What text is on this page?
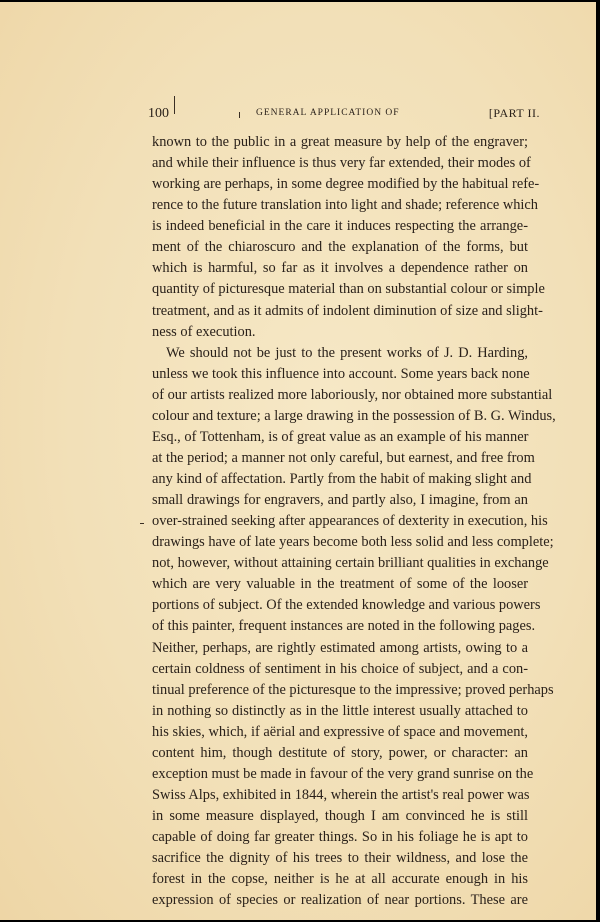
100	GENERAL APPLICATION OF	[PART II.
known to the public in a great measure by help of the engraver;
and while their influence is thus very far extended, their modes of
working are perhaps, in some degree modified by the habitual refe-
rence to the future translation into light and shade; reference which
is indeed beneficial in the care it induces respecting the arrange-
ment of the chiaroscuro and the explanation of the forms, but
which is harmful, so far as it involves a dependence rather on
quantity of picturesque material than on substantial colour or simple
treatment, and as it admits of indolent diminution of size and slight-
ness of execution.
We should not be just to the present works of J. D. Harding,
unless we took this influence into account. Some years back none
of our artists realized more laboriously, nor obtained more substantial
colour and texture; a large drawing in the possession of B. G. Windus,
Esq., of Tottenham, is of great value as an example of his manner
at the period; a manner not only careful, but earnest, and free from
any kind of affectation. Partly from the habit of making slight and
small drawings for engravers, and partly also, I imagine, from an
over-strained seeking after appearances of dexterity in execution, his
drawings have of late years become both less solid and less complete;
not, however, without attaining certain brilliant qualities in exchange
which are very valuable in the treatment of some of the looser
portions of subject. Of the extended knowledge and various powers
of this painter, frequent instances are noted in the following pages.
Neither, perhaps, are rightly estimated among artists, owing to a
certain coldness of sentiment in his choice of subject, and a con-
tinual preference of the picturesque to the impressive; proved perhaps
in nothing so distinctly as in the little interest usually attached to
his skies, which, if aërial and expressive of space and movement,
content him, though destitute of story, power, or character: an
exception must be made in favour of the very grand sunrise on the
Swiss Alps, exhibited in 1844, wherein the artist's real power was
in some measure displayed, though I am convinced he is still
capable of doing far greater things. So in his foliage he is apt to
sacrifice the dignity of his trees to their wildness, and lose the
forest in the copse, neither is he at all accurate enough in his
expression of species or realization of near portions. These are
